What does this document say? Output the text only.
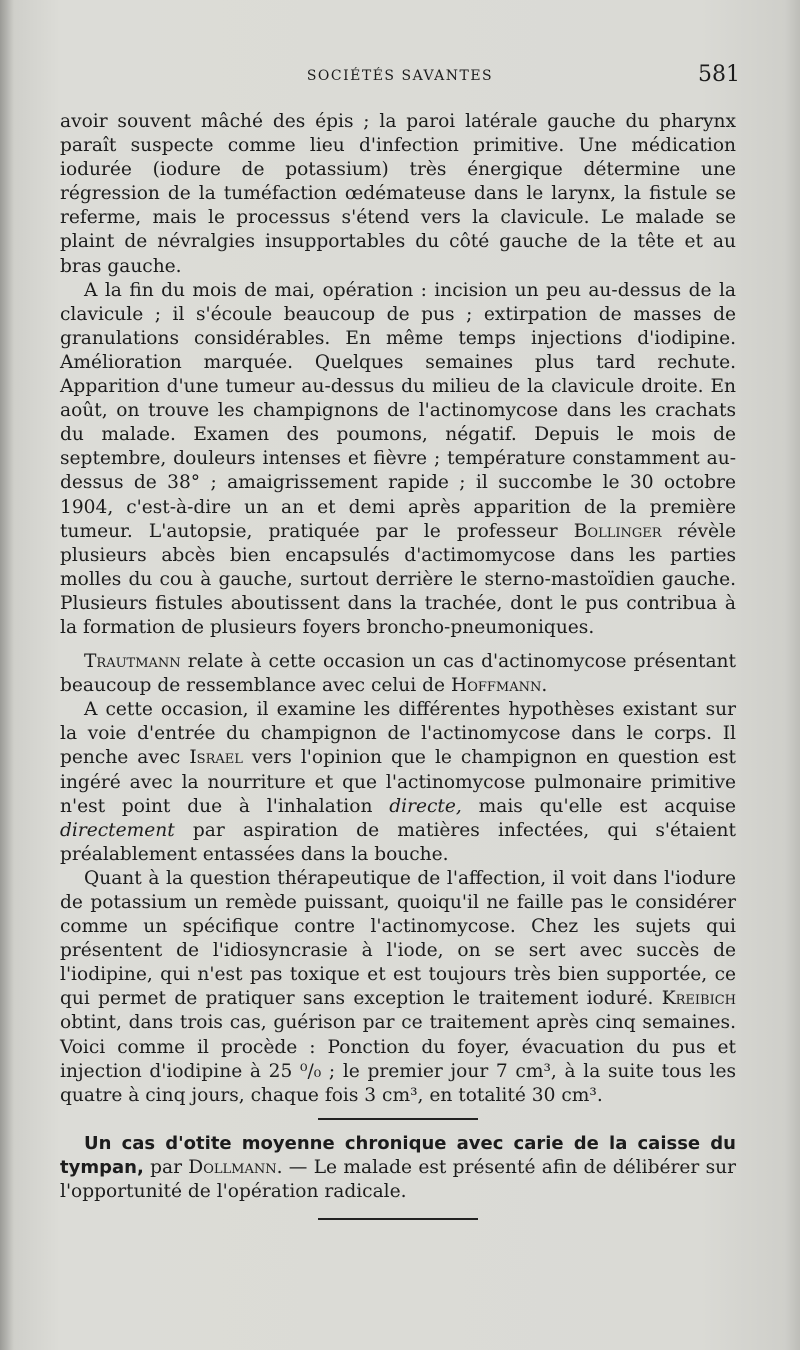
SOCIÉTÉS SAVANTES	581

avoir souvent mâché des épis ; la paroi latérale gauche du pharynx paraît suspecte comme lieu d'infection primitive. Une médication iodurée (iodure de potassium) très énergique détermine une régression de la tuméfaction œdémateuse dans le larynx, la fistule se referme, mais le processus s'étend vers la clavicule. Le malade se plaint de névralgies insupportables du côté gauche de la tête et au bras gauche.

A la fin du mois de mai, opération : incision un peu au-dessus de la clavicule ; il s'écoule beaucoup de pus ; extirpation de masses de granulations considérables. En même temps injections d'iodipine. Amélioration marquée. Quelques semaines plus tard rechute. Apparition d'une tumeur au-dessus du milieu de la clavicule droite. En août, on trouve les champignons de l'actinomycose dans les crachats du malade. Examen des poumons, négatif. Depuis le mois de septembre, douleurs intenses et fièvre ; température constamment au-dessus de 38° ; amaigrissement rapide ; il succombe le 30 octobre 1904, c'est-à-dire un an et demi après apparition de la première tumeur. L'autopsie, pratiquée par le professeur Bollinger révèle plusieurs abcès bien encapsulés d'actimomycose dans les parties molles du cou à gauche, surtout derrière le sterno-mastoïdien gauche. Plusieurs fistules aboutissent dans la trachée, dont le pus contribua à la formation de plusieurs foyers broncho-pneumoniques.

Trautmann relate à cette occasion un cas d'actinomycose présentant beaucoup de ressemblance avec celui de Hoffmann.

A cette occasion, il examine les différentes hypothèses existant sur la voie d'entrée du champignon de l'actinomycose dans le corps. Il penche avec Israel vers l'opinion que le champignon en question est ingéré avec la nourriture et que l'actinomycose pulmonaire primitive n'est point due à l'inhalation directe, mais qu'elle est acquise directement par aspiration de matières infectées, qui s'étaient préalablement entassées dans la bouche.

Quant à la question thérapeutique de l'affection, il voit dans l'iodure de potassium un remède puissant, quoiqu'il ne faille pas le considérer comme un spécifique contre l'actinomycose. Chez les sujets qui présentent de l'idiosyncrasie à l'iode, on se sert avec succès de l'iodipine, qui n'est pas toxique et est toujours très bien supportée, ce qui permet de pratiquer sans exception le traitement ioduré. Kreibich obtint, dans trois cas, guérison par ce traitement après cinq semaines. Voici comme il procède : Ponction du foyer, évacuation du pus et injection d'iodipine à 25 ⁰/₀ ; le premier jour 7 cm³, à la suite tous les quatre à cinq jours, chaque fois 3 cm³, en totalité 30 cm³.

Un cas d'otite moyenne chronique avec carie de la caisse du tympan, par Dollmann. — Le malade est présenté afin de délibérer sur l'opportunité de l'opération radicale.
